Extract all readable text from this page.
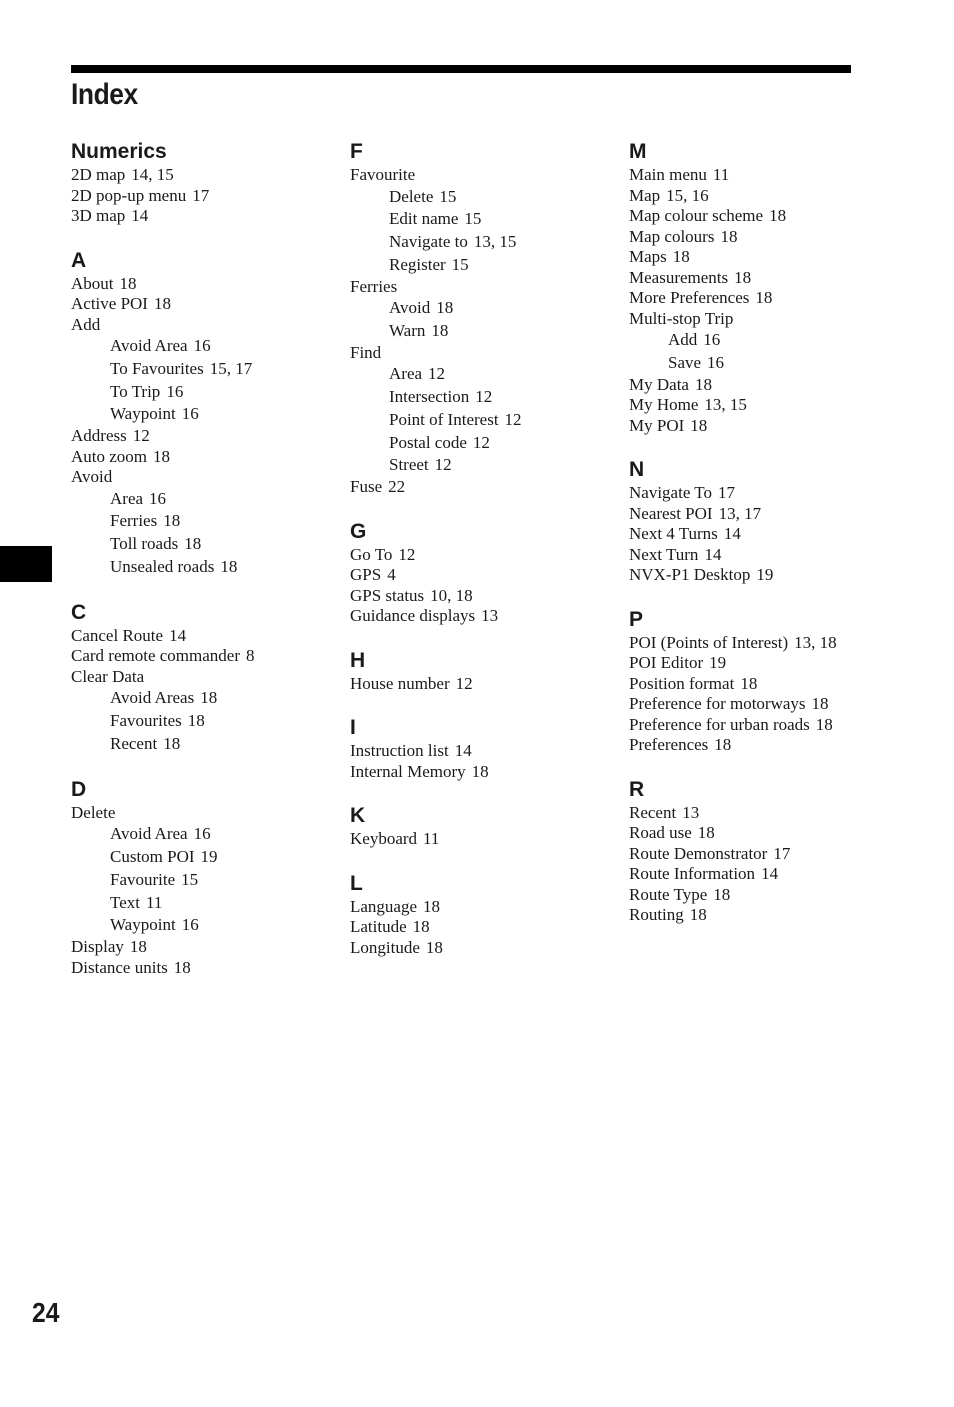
Index
Numerics
2D map 14, 15
2D pop-up menu 17
3D map 14
A
About 18
Active POI 18
Add
Avoid Area 16
To Favourites 15, 17
To Trip 16
Waypoint 16
Address 12
Auto zoom 18
Avoid
Area 16
Ferries 18
Toll roads 18
Unsealed roads 18
C
Cancel Route 14
Card remote commander 8
Clear Data
Avoid Areas 18
Favourites 18
Recent 18
D
Delete
Avoid Area 16
Custom POI 19
Favourite 15
Text 11
Waypoint 16
Display 18
Distance units 18
F
Favourite
Delete 15
Edit name 15
Navigate to 13, 15
Register 15
Ferries
Avoid 18
Warn 18
Find
Area 12
Intersection 12
Point of Interest 12
Postal code 12
Street 12
Fuse 22
G
Go To 12
GPS 4
GPS status 10, 18
Guidance displays 13
H
House number 12
I
Instruction list 14
Internal Memory 18
K
Keyboard 11
L
Language 18
Latitude 18
Longitude 18
M
Main menu 11
Map 15, 16
Map colour scheme 18
Map colours 18
Maps 18
Measurements 18
More Preferences 18
Multi-stop Trip
Add 16
Save 16
My Data 18
My Home 13, 15
My POI 18
N
Navigate To 17
Nearest POI 13, 17
Next 4 Turns 14
Next Turn 14
NVX-P1 Desktop 19
P
POI (Points of Interest) 13, 18
POI Editor 19
Position format 18
Preference for motorways 18
Preference for urban roads 18
Preferences 18
R
Recent 13
Road use 18
Route Demonstrator 17
Route Information 14
Route Type 18
Routing 18
24
